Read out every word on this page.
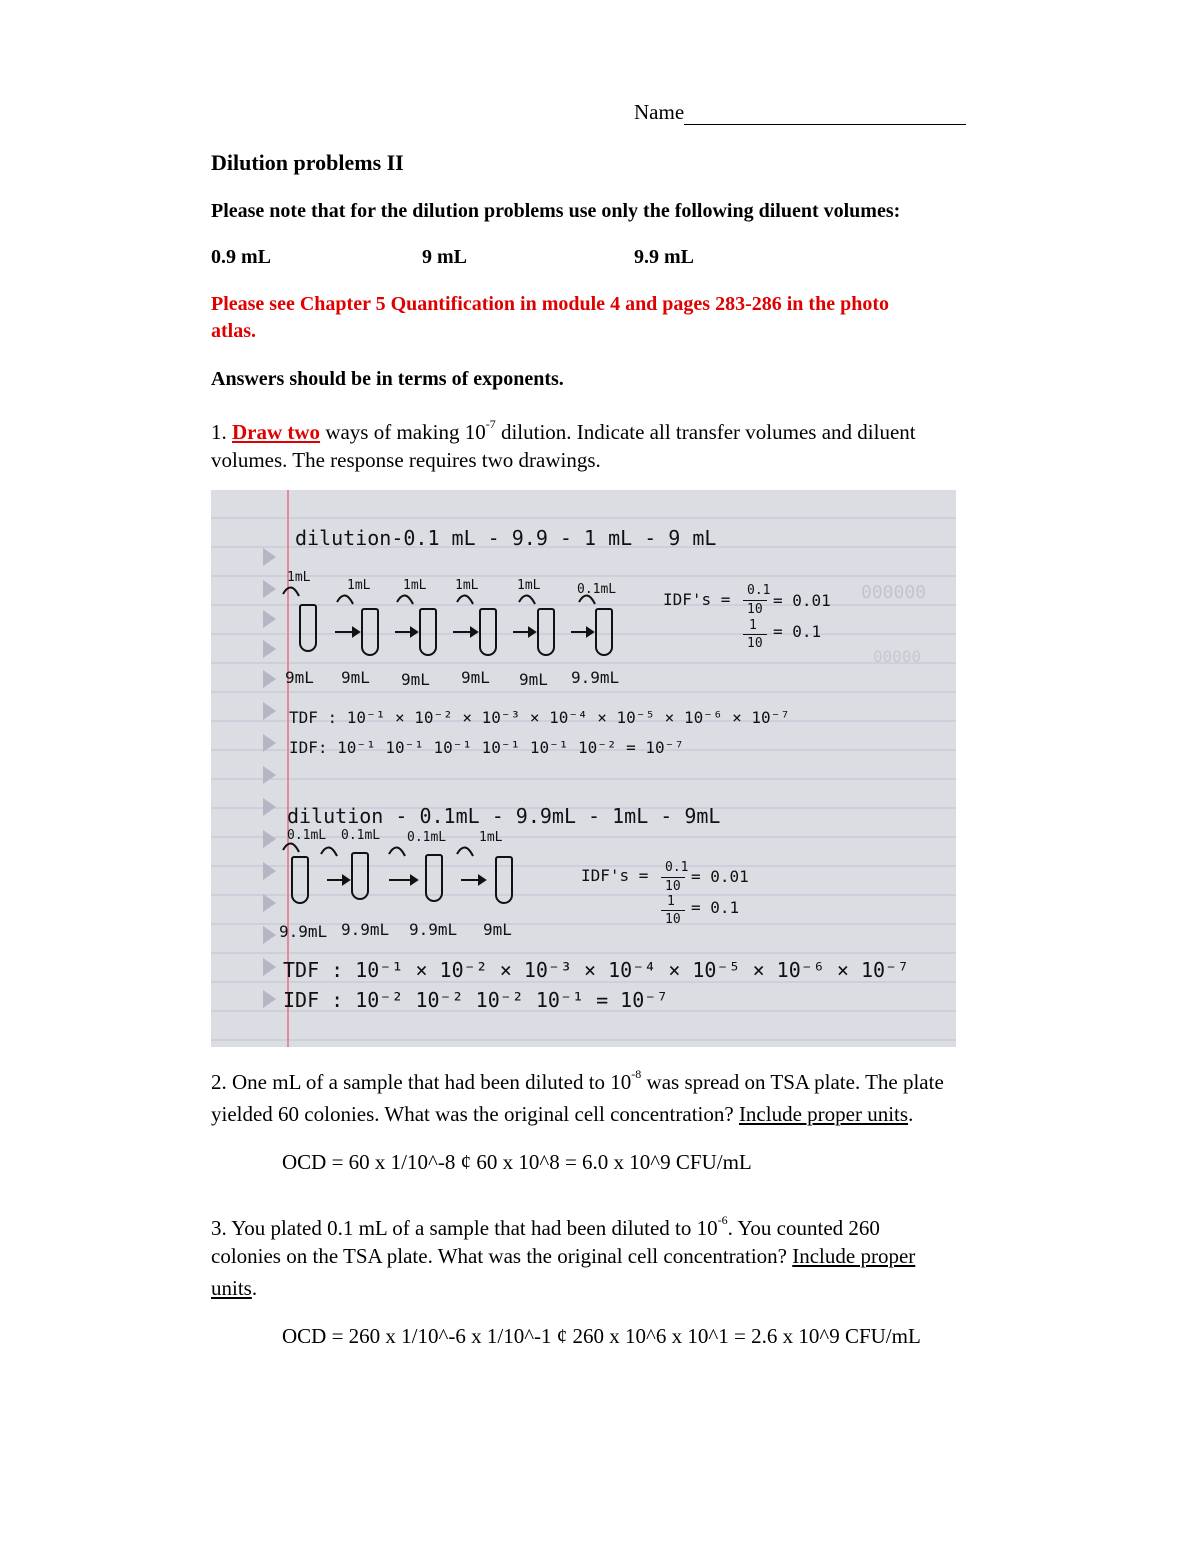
Name
Dilution problems II
Please note that for the dilution problems use only the following diluent volumes:
0.9 mL	9 mL	9.9 mL
Please see Chapter 5 Quantification in module 4 and pages 283-286 in the photo
atlas.
Answers should be in terms of exponents.
1. Draw two ways of making $10^{-7}$ dilution. Indicate all transfer volumes and diluent
volumes. The response requires two drawings.
000000
00000
dilution-0.1 mL - 9.9 - 1 mL - 9 mL
1mL
1mL	1mL 1mL	1mL	0.1mL
9mL 9mL 9mL 9mL 9mL 9.9mL
IDF's = 0.1
10 = 0.01
1
10
= 0.1
TDF : 10⁻¹ × 10⁻² × 10⁻³ × 10⁻⁴ × 10⁻⁵ × 10⁻⁶ × 10⁻⁷
IDF: 10⁻¹ 10⁻¹ 10⁻¹ 10⁻¹ 10⁻¹ 10⁻² = 10⁻⁷
dilution - 0.1mL - 9.9mL - 1mL - 9mL
0.1mL 0.1mL 0.1mL	1mL
9.9mL 9.9mL 9.9mL 9mL
IDF's = 0.1
10
= 0.01
1
10
= 0.1
TDF : 10⁻¹ × 10⁻² × 10⁻³ × 10⁻⁴ × 10⁻⁵ × 10⁻⁶ × 10⁻⁷
IDF : 10⁻² 10⁻² 10⁻² 10⁻¹ = 10⁻⁷
2. One mL of a sample that had been diluted to $10^{-8}$ was spread on TSA plate. The plate
yielded 60 colonies. What was the original cell concentration? Include proper units.
OCD = 60 x 1/10^-8 ¢ 60 x 10^8 = 6.0 x 10^9 CFU/mL
3. You plated 0.1 mL of a sample that had been diluted to $10^{-6}$. You counted 260
colonies on the TSA plate. What was the original cell concentration? Include proper
units.
OCD = 260 x 1/10^-6 x 1/10^-1 ¢ 260 x 10^6 x 10^1 = 2.6 x 10^9 CFU/mL
